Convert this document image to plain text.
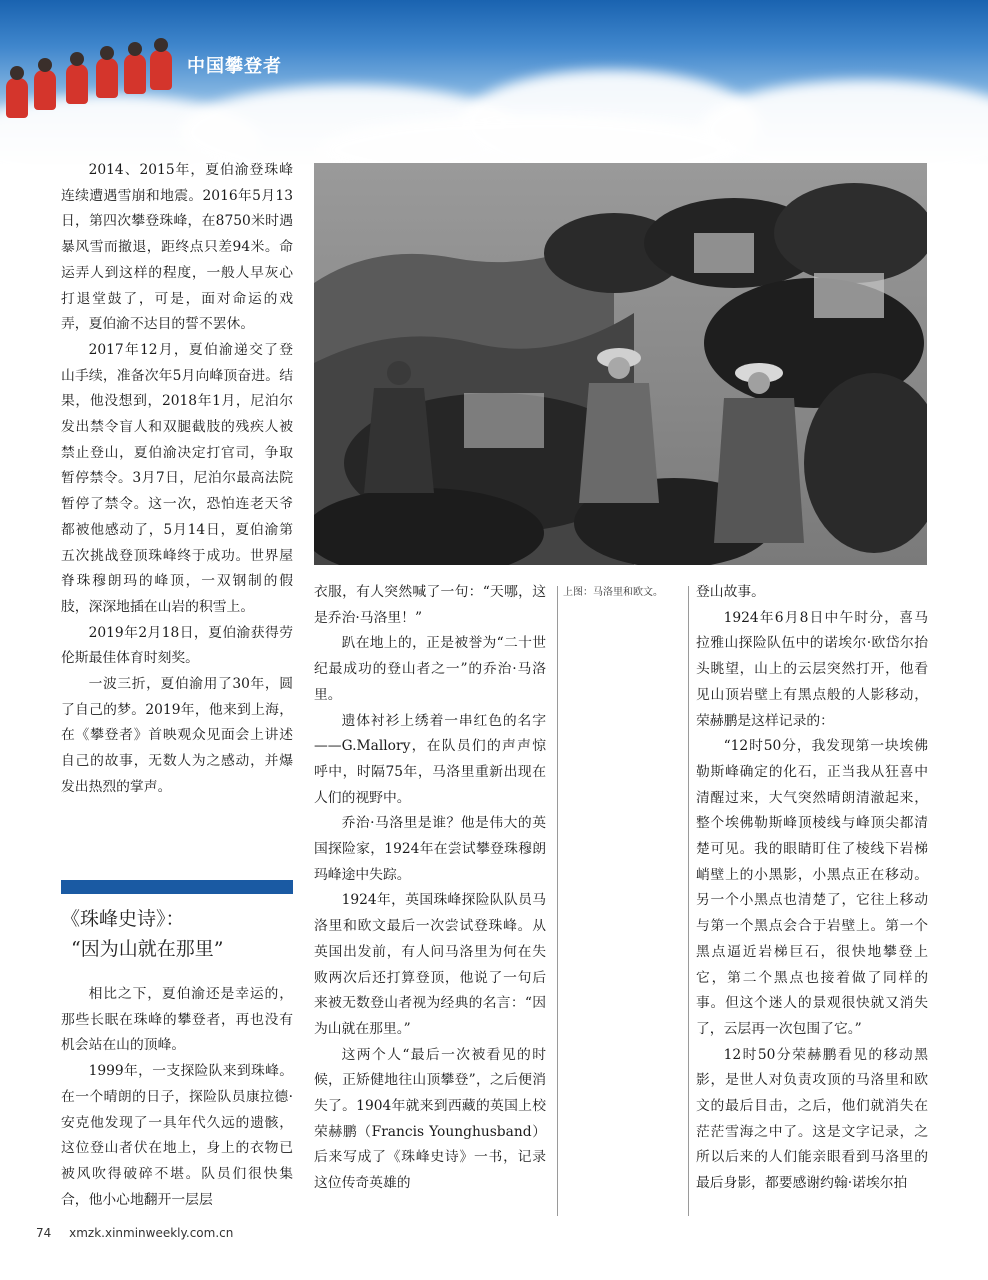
中国攀登者

2014、2015年，夏伯渝登珠峰连续遭遇雪崩和地震。2016年5月13日，第四次攀登珠峰，在8750米时遇暴风雪而撤退，距终点只差94米。命运弄人到这样的程度，一般人早灰心打退堂鼓了，可是，面对命运的戏弄，夏伯渝不达目的誓不罢休。

2017年12月，夏伯渝递交了登山手续，准备次年5月向峰顶奋进。结果，他没想到，2018年1月，尼泊尔发出禁令盲人和双腿截肢的残疾人被禁止登山，夏伯渝决定打官司，争取暂停禁令。3月7日，尼泊尔最高法院暂停了禁令。这一次，恐怕连老天爷都被他感动了，5月14日，夏伯渝第五次挑战登顶珠峰终于成功。世界屋脊珠穆朗玛的峰顶，一双钢制的假肢，深深地插在山岩的积雪上。

2019年2月18日，夏伯渝获得劳伦斯最佳体育时刻奖。

一波三折，夏伯渝用了30年，圆了自己的梦。2019年，他来到上海，在《攀登者》首映观众见面会上讲述自己的故事，无数人为之感动，并爆发出热烈的掌声。

《珠峰史诗》：
“因为山就在那里”

相比之下，夏伯渝还是幸运的，那些长眠在珠峰的攀登者，再也没有机会站在山的顶峰。

1999年，一支探险队来到珠峰。在一个晴朗的日子，探险队员康拉德·安克他发现了一具年代久远的遗骸，这位登山者伏在地上，身上的衣物已被风吹得破碎不堪。队员们很快集合，他小心地翻开一层层

上图：马洛里和欧文。

衣服，有人突然喊了一句：“天哪，这是乔治·马洛里！”

趴在地上的，正是被誉为“二十世纪最成功的登山者之一”的乔治·马洛里。

遗体衬衫上绣着一串红色的名字——G.Mallory，在队员们的声声惊呼中，时隔75年，马洛里重新出现在人们的视野中。

乔治·马洛里是谁？他是伟大的英国探险家，1924年在尝试攀登珠穆朗玛峰途中失踪。

1924年，英国珠峰探险队队员马洛里和欧文最后一次尝试登珠峰。从英国出发前，有人问马洛里为何在失败两次后还打算登顶，他说了一句后来被无数登山者视为经典的名言：“因为山就在那里。”

这两个人“最后一次被看见的时候，正矫健地往山顶攀登”，之后便消失了。1904年就来到西藏的英国上校荣赫鹏（Francis Younghusband）后来写成了《珠峰史诗》一书，记录这位传奇英雄的

登山故事。

1924年6月8日中午时分，喜马拉雅山探险队伍中的诺埃尔·欧岱尔抬头眺望，山上的云层突然打开，他看见山顶岩壁上有黑点般的人影移动，荣赫鹏是这样记录的：

“12时50分，我发现第一块埃佛勒斯峰确定的化石，正当我从狂喜中清醒过来，大气突然晴朗清澈起来，整个埃佛勒斯峰顶棱线与峰顶尖都清楚可见。我的眼睛盯住了棱线下岩梯峭壁上的小黑影，小黑点正在移动。另一个小黑点也清楚了，它往上移动与第一个黑点会合于岩壁上。第一个黑点逼近岩梯巨石，很快地攀登上它，第二个黑点也接着做了同样的事。但这个迷人的景观很快就又消失了，云层再一次包围了它。”

12时50分荣赫鹏看见的移动黑影，是世人对负责攻顶的马洛里和欧文的最后目击，之后，他们就消失在茫茫雪海之中了。这是文字记录，之所以后来的人们能亲眼看到马洛里的最后身影，都要感谢约翰·诺埃尔拍

74 xmzk.xinminweekly.com.cn
